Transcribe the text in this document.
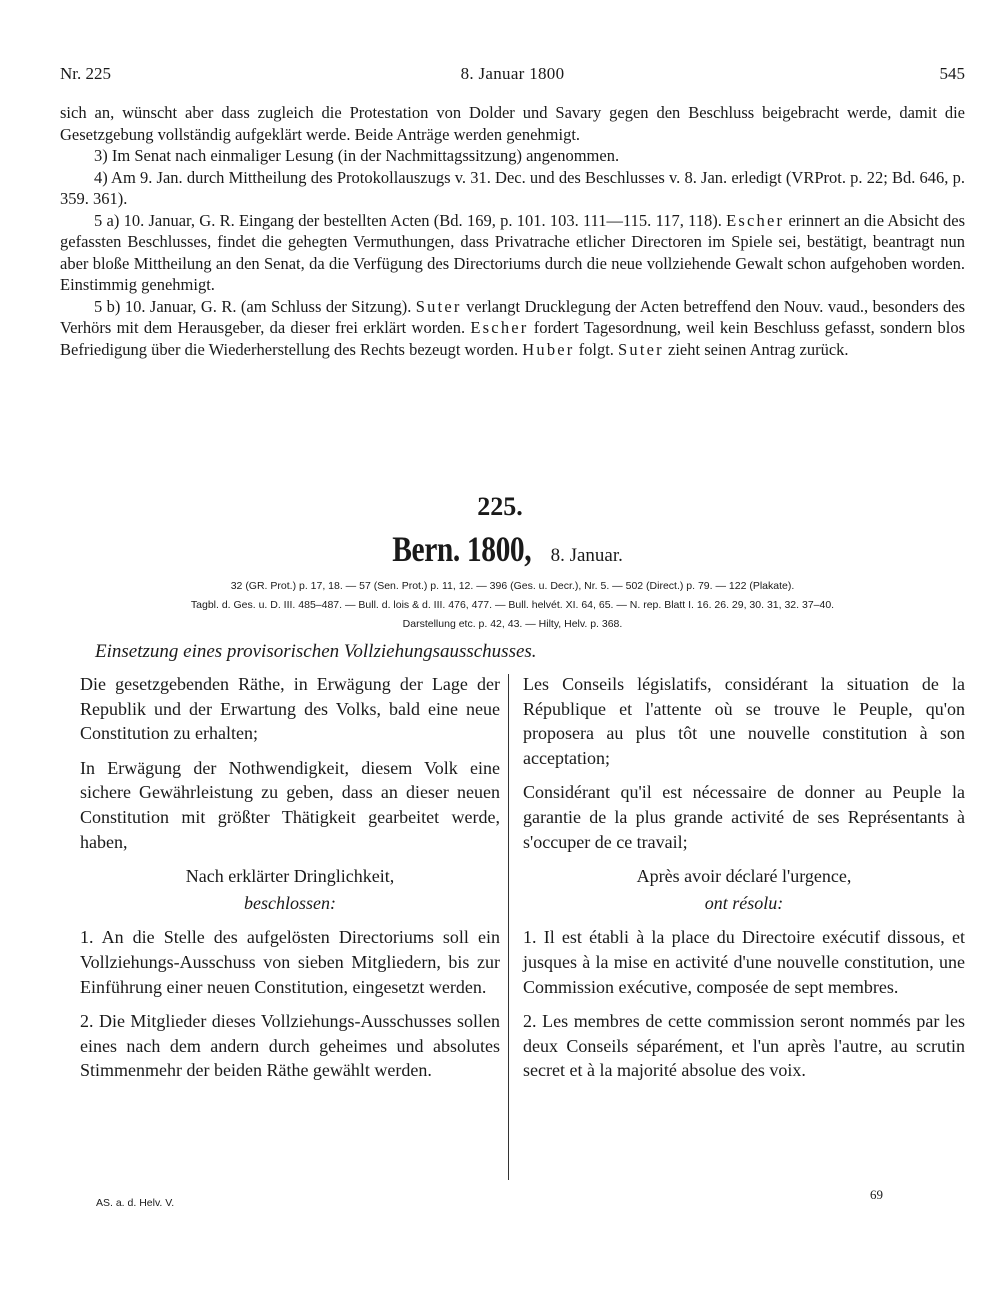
Nr. 225	8. Januar 1800	545

sich an, wünscht aber dass zugleich die Protestation von Dolder und Savary gegen den Beschluss beigebracht werde, damit die Gesetzgebung vollständig aufgeklärt werde. Beide Anträge werden genehmigt.

3) Im Senat nach einmaliger Lesung (in der Nachmittagssitzung) angenommen.

4) Am 9. Jan. durch Mittheilung des Protokollauszugs v. 31. Dec. und des Beschlusses v. 8. Jan. erledigt (VRProt. p. 22; Bd. 646, p. 359. 361).

5 a) 10. Januar, G. R. Eingang der bestellten Acten (Bd. 169, p. 101. 103. 111—115. 117, 118). Escher erinnert an die Absicht des gefassten Beschlusses, findet die gehegten Vermuthungen, dass Privatrache etlicher Directoren im Spiele sei, bestätigt, beantragt nun aber bloße Mittheilung an den Senat, da die Verfügung des Directoriums durch die neue vollziehende Gewalt schon aufgehoben worden. Einstimmig genehmigt.

5 b) 10. Januar, G. R. (am Schluss der Sitzung). Suter verlangt Drucklegung der Acten betreffend den Nouv. vaud., besonders des Verhörs mit dem Herausgeber, da dieser frei erklärt worden. Escher fordert Tagesordnung, weil kein Beschluss gefasst, sondern blos Befriedigung über die Wiederherstellung des Rechts bezeugt worden. Huber folgt. Suter zieht seinen Antrag zurück.

225.
Bern. 1800, 8. Januar.
32 (GR. Prot.) p. 17, 18. — 57 (Sen. Prot.) p. 11, 12. — 396 (Ges. u. Decr.), Nr. 5. — 502 (Direct.) p. 79. — 122 (Plakate).
Tagbl. d. Ges. u. D. III. 485–487. — Bull. d. lois & d. III. 476, 477. — Bull. helvét. XI. 64, 65. — N. rep. Blatt I. 16. 26. 29, 30. 31, 32. 37–40.
Darstellung etc. p. 42, 43. — Hilty, Helv. p. 368.
Einsetzung eines provisorischen Vollziehungsausschusses.

Die gesetzgebenden Räthe, in Erwägung der Lage der Republik und der Erwartung des Volks, bald eine neue Constitution zu erhalten;

In Erwägung der Nothwendigkeit, diesem Volk eine sichere Gewährleistung zu geben, dass an dieser neuen Constitution mit größter Thätigkeit gearbeitet werde, haben,

Nach erklärter Dringlichkeit,

beschlossen:

1. An die Stelle des aufgelösten Directoriums soll ein Vollziehungs-Ausschuss von sieben Mitgliedern, bis zur Einführung einer neuen Constitution, eingesetzt werden.

2. Die Mitglieder dieses Vollziehungs-Ausschusses sollen eines nach dem andern durch geheimes und absolutes Stimmenmehr der beiden Räthe gewählt werden.

Les Conseils législatifs, considérant la situation de la République et l'attente où se trouve le Peuple, qu'on proposera au plus tôt une nouvelle constitution à son acceptation;

Considérant qu'il est nécessaire de donner au Peuple la garantie de la plus grande activité de ses Représentants à s'occuper de ce travail;

Après avoir déclaré l'urgence,

ont résolu:

1. Il est établi à la place du Directoire exécutif dissous, et jusques à la mise en activité d'une nouvelle constitution, une Commission exécutive, composée de sept membres.

2. Les membres de cette commission seront nommés par les deux Conseils séparément, et l'un après l'autre, au scrutin secret et à la majorité absolue des voix.

AS. a. d. Helv. V.
69
